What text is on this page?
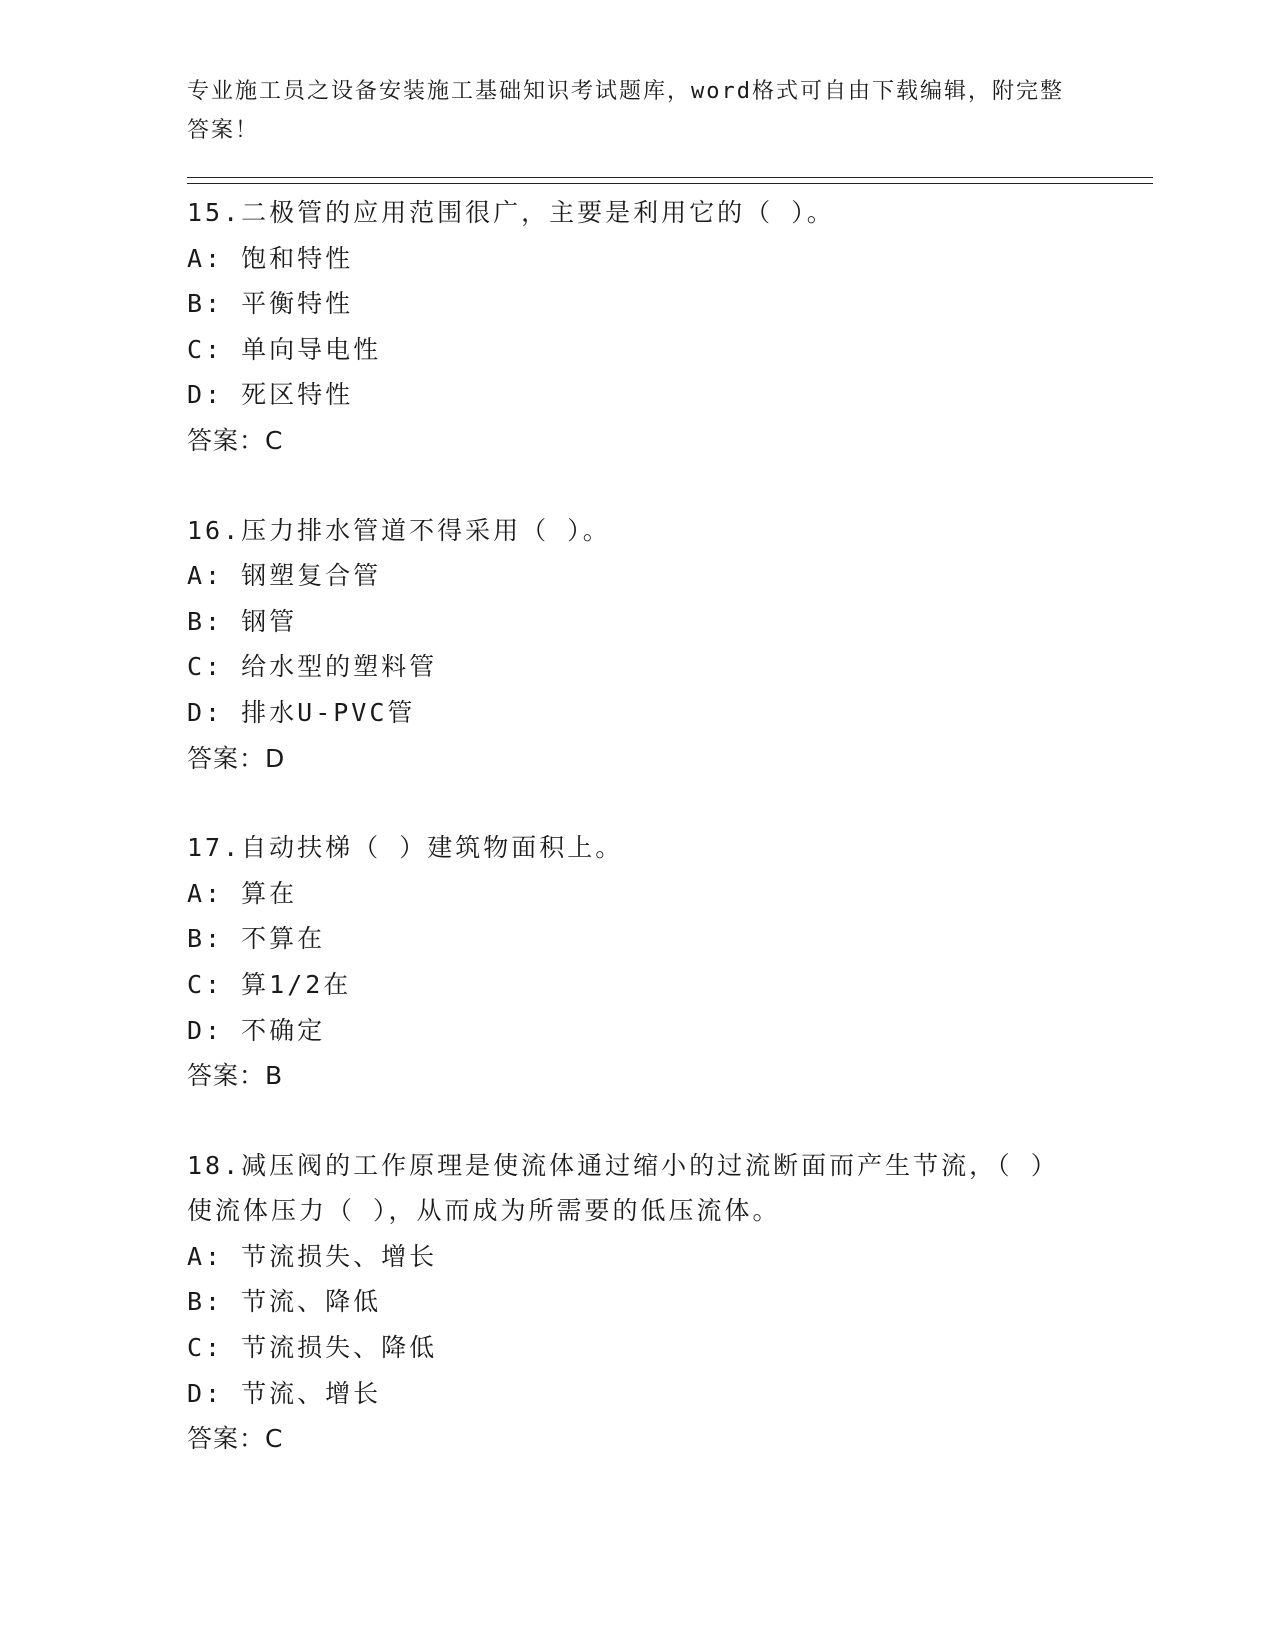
专业施工员之设备安装施工基础知识考试题库，word格式可自由下载编辑，附完整答案！
15.二极管的应用范围很广，主要是利用它的（ ）。
A: 饱和特性
B: 平衡特性
C: 单向导电性
D: 死区特性
答案：C
16.压力排水管道不得采用（ ）。
A: 钢塑复合管
B: 钢管
C: 给水型的塑料管
D: 排水U-PVC管
答案：D
17.自动扶梯（ ）建筑物面积上。
A: 算在
B: 不算在
C: 算1/2在
D: 不确定
答案：B
18.减压阀的工作原理是使流体通过缩小的过流断面而产生节流，（ ）使流体压力（ ），从而成为所需要的低压流体。
A: 节流损失、增长
B: 节流、降低
C: 节流损失、降低
D: 节流、增长
答案：C
